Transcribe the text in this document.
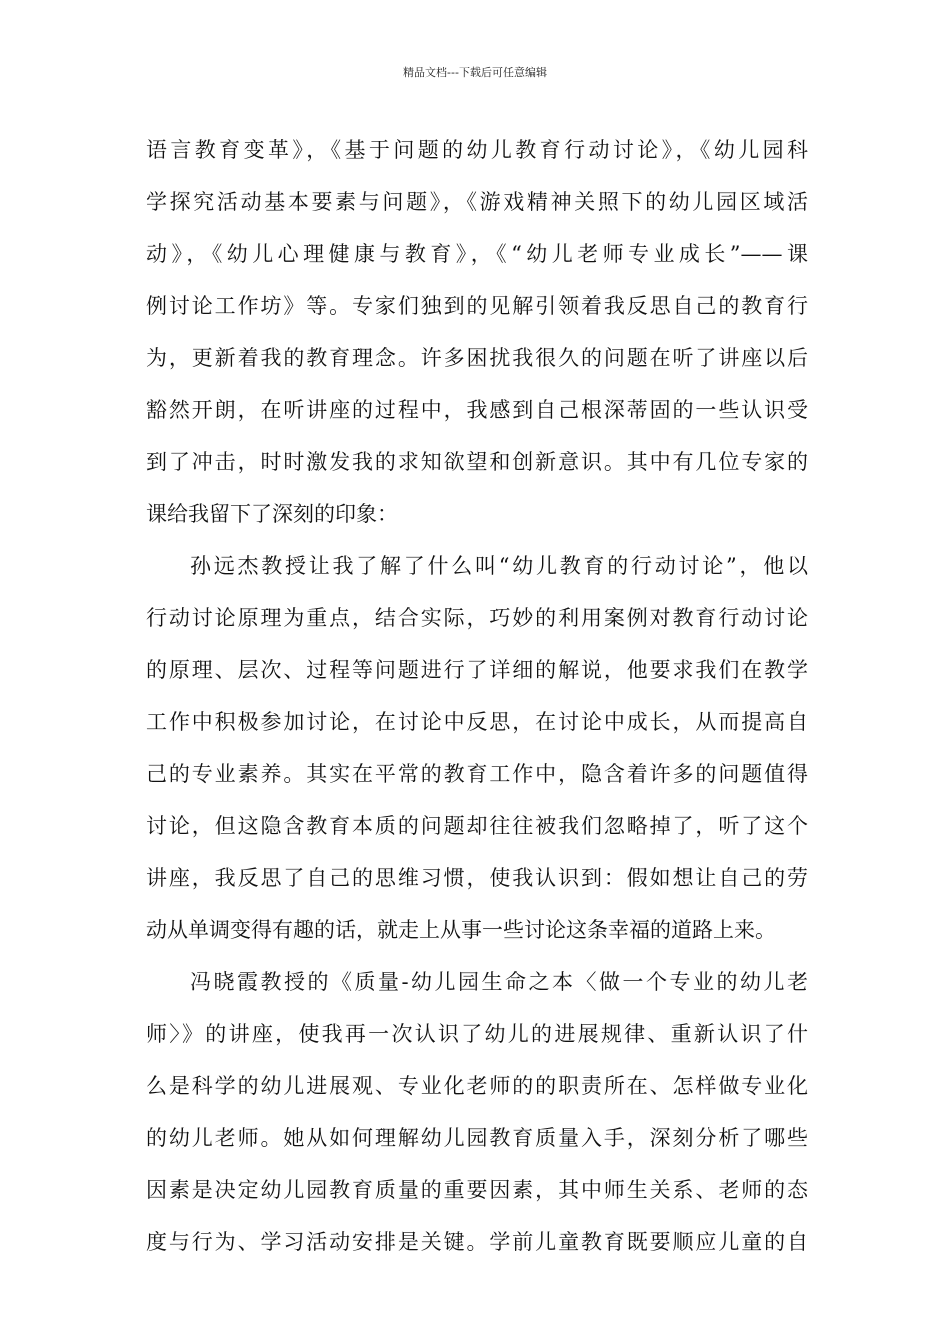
精品文档---下载后可任意编辑
语言教育变革》，《基于问题的幼儿教育行动讨论》，《幼儿园科
学探究活动基本要素与问题》，《游戏精神关照下的幼儿园区域活
动》，《幼儿心理健康与教育》，《“幼儿老师专业成长”——课
例讨论工作坊》等。专家们独到的见解引领着我反思自己的教育行
为，更新着我的教育理念。许多困扰我很久的问题在听了讲座以后
豁然开朗，在听讲座的过程中，我感到自己根深蒂固的一些认识受
到了冲击，时时激发我的求知欲望和创新意识。其中有几位专家的
课给我留下了深刻的印象：
孙远杰教授让我了解了什么叫“幼儿教育的行动讨论”，他以
行动讨论原理为重点，结合实际，巧妙的利用案例对教育行动讨论
的原理、层次、过程等问题进行了详细的解说，他要求我们在教学
工作中积极参加讨论，在讨论中反思，在讨论中成长，从而提高自
己的专业素养。其实在平常的教育工作中，隐含着许多的问题值得
讨论，但这隐含教育本质的问题却往往被我们忽略掉了，听了这个
讲座，我反思了自己的思维习惯，使我认识到：假如想让自己的劳
动从单调变得有趣的话，就走上从事一些讨论这条幸福的道路上来。
冯晓霞教授的《质量-幼儿园生命之本〈做一个专业的幼儿老
师〉》的讲座，使我再一次认识了幼儿的进展规律、重新认识了什
么是科学的幼儿进展观、专业化老师的的职责所在、怎样做专业化
的幼儿老师。她从如何理解幼儿园教育质量入手，深刻分析了哪些
因素是决定幼儿园教育质量的重要因素，其中师生关系、老师的态
度与行为、学习活动安排是关键。学前儿童教育既要顺应儿童的自
